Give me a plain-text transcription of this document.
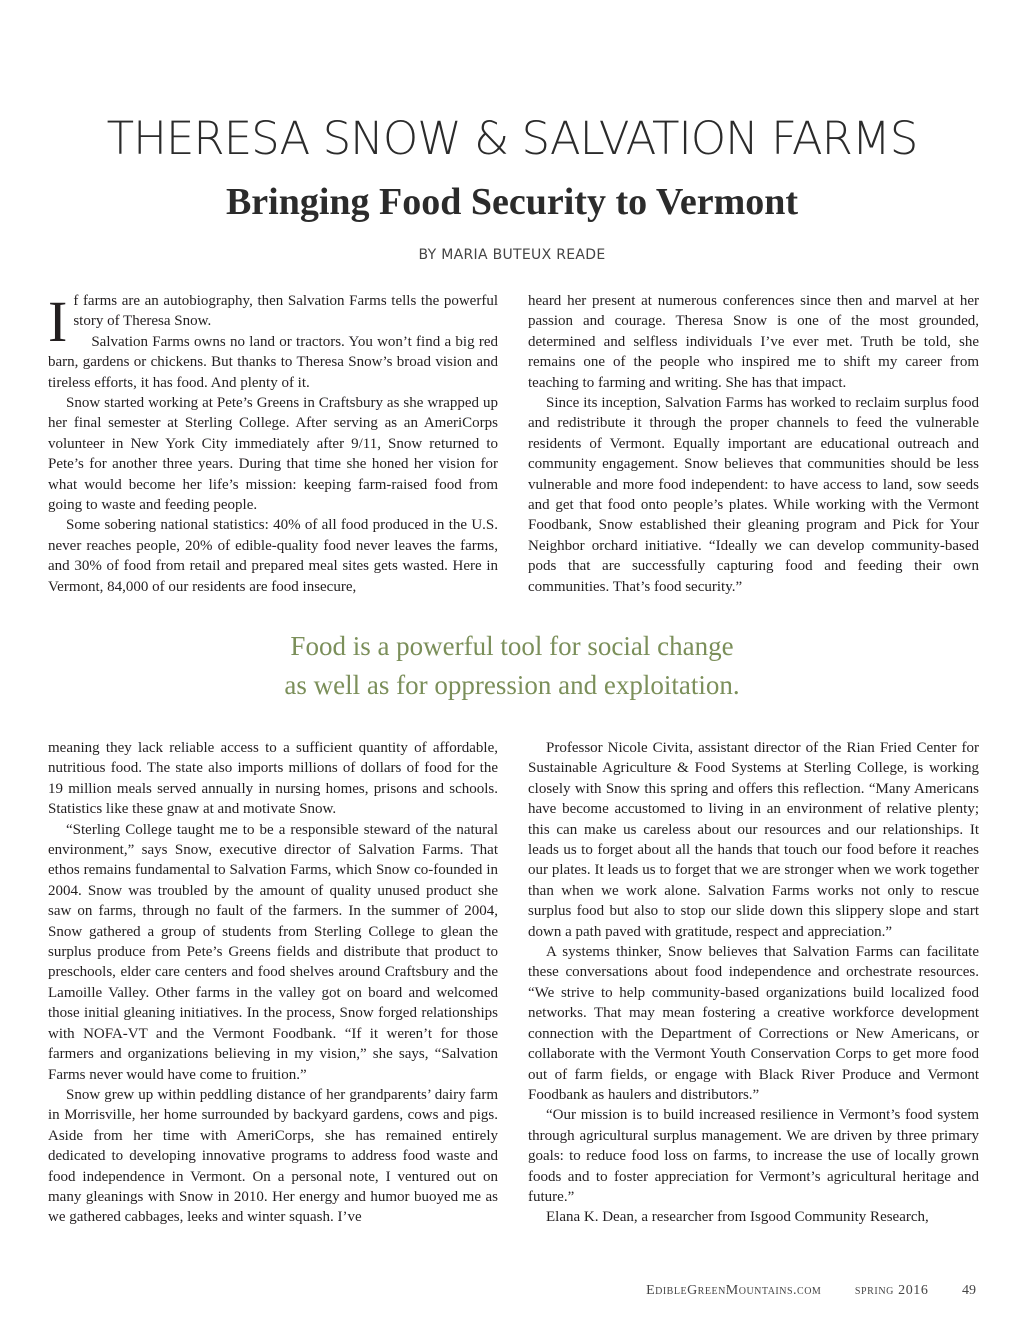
THERESA SNOW & SALVATION FARMS
Bringing Food Security to Vermont
BY MARIA BUTEUX READE

If farms are an autobiography, then Salvation Farms tells the powerful story of Theresa Snow.

Salvation Farms owns no land or tractors. You won’t find a big red barn, gardens or chickens. But thanks to Theresa Snow’s broad vision and tireless efforts, it has food. And plenty of it.

Snow started working at Pete’s Greens in Craftsbury as she wrapped up her final semester at Sterling College. After serving as an AmeriCorps volunteer in New York City immediately after 9/11, Snow returned to Pete’s for another three years. During that time she honed her vision for what would become her life’s mission: keeping farm-raised food from going to waste and feeding people.

Some sobering national statistics: 40% of all food produced in the U.S. never reaches people, 20% of edible-quality food never leaves the farms, and 30% of food from retail and prepared meal sites gets wasted. Here in Vermont, 84,000 of our residents are food insecure,

heard her present at numerous conferences since then and marvel at her passion and courage. Theresa Snow is one of the most grounded, determined and selfless individuals I’ve ever met. Truth be told, she remains one of the people who inspired me to shift my career from teaching to farming and writing. She has that impact.

Since its inception, Salvation Farms has worked to reclaim surplus food and redistribute it through the proper channels to feed the vulnerable residents of Vermont. Equally important are educational outreach and community engagement. Snow believes that communities should be less vulnerable and more food independent: to have access to land, sow seeds and get that food onto people’s plates. While working with the Vermont Foodbank, Snow established their gleaning program and Pick for Your Neighbor orchard initiative. “Ideally we can develop community-based pods that are successfully capturing food and feeding their own communities. That’s food security.”

Food is a powerful tool for social change
as well as for oppression and exploitation.

meaning they lack reliable access to a sufficient quantity of affordable, nutritious food. The state also imports millions of dollars of food for the 19 million meals served annually in nursing homes, prisons and schools. Statistics like these gnaw at and motivate Snow.

“Sterling College taught me to be a responsible steward of the natural environment,” says Snow, executive director of Salvation Farms. That ethos remains fundamental to Salvation Farms, which Snow co-founded in 2004. Snow was troubled by the amount of quality unused product she saw on farms, through no fault of the farmers. In the summer of 2004, Snow gathered a group of students from Sterling College to glean the surplus produce from Pete’s Greens fields and distribute that product to preschools, elder care centers and food shelves around Craftsbury and the Lamoille Valley. Other farms in the valley got on board and welcomed those initial gleaning initiatives. In the process, Snow forged relationships with NOFA-VT and the Vermont Foodbank. “If it weren’t for those farmers and organizations believing in my vision,” she says, “Salvation Farms never would have come to fruition.”

Snow grew up within peddling distance of her grandparents’ dairy farm in Morrisville, her home surrounded by backyard gardens, cows and pigs. Aside from her time with AmeriCorps, she has remained entirely dedicated to developing innovative programs to address food waste and food independence in Vermont. On a personal note, I ventured out on many gleanings with Snow in 2010. Her energy and humor buoyed me as we gathered cabbages, leeks and winter squash. I’ve

Professor Nicole Civita, assistant director of the Rian Fried Center for Sustainable Agriculture & Food Systems at Sterling College, is working closely with Snow this spring and offers this reflection. “Many Americans have become accustomed to living in an environment of relative plenty; this can make us careless about our resources and our relationships. It leads us to forget about all the hands that touch our food before it reaches our plates. It leads us to forget that we are stronger when we work together than when we work alone. Salvation Farms works not only to rescue surplus food but also to stop our slide down this slippery slope and start down a path paved with gratitude, respect and appreciation.”

A systems thinker, Snow believes that Salvation Farms can facilitate these conversations about food independence and orchestrate resources. “We strive to help community-based organizations build localized food networks. That may mean fostering a creative workforce development connection with the Department of Corrections or New Americans, or collaborate with the Vermont Youth Conservation Corps to get more food out of farm fields, or engage with Black River Produce and Vermont Foodbank as haulers and distributors.”

“Our mission is to build increased resilience in Vermont’s food system through agricultural surplus management. We are driven by three primary goals: to reduce food loss on farms, to increase the use of locally grown foods and to foster appreciation for Vermont’s agricultural heritage and future.”

Elana K. Dean, a researcher from Isgood Community Research,

EdibleGreenMountains.com spring 2016 49
